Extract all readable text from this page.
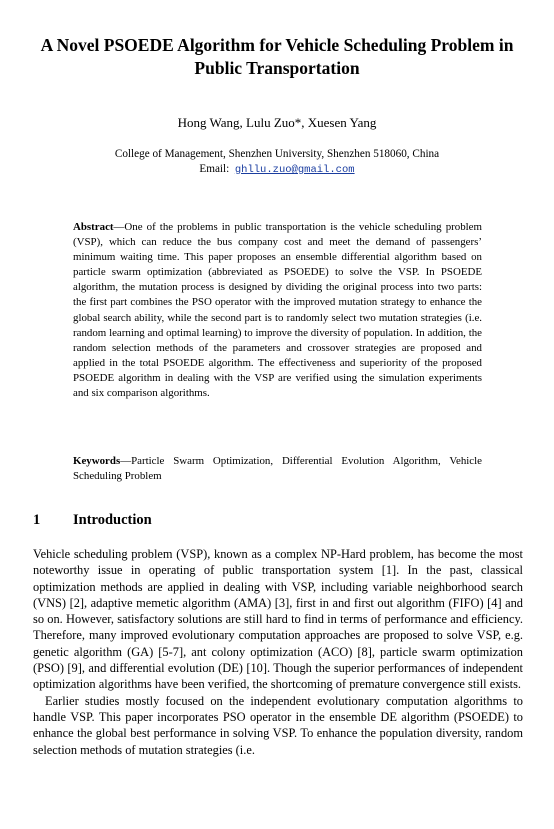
A Novel PSOEDE Algorithm for Vehicle Scheduling Problem in Public Transportation
Hong Wang, Lulu Zuo*, Xuesen Yang
College of Management, Shenzhen University, Shenzhen 518060, China
Email: ghllu.zuo@gmail.com
Abstract—One of the problems in public transportation is the vehicle scheduling problem (VSP), which can reduce the bus company cost and meet the demand of passengers’ minimum waiting time. This paper proposes an ensemble differential algorithm based on particle swarm optimization (abbreviated as PSOEDE) to solve the VSP. In PSOEDE algorithm, the mutation process is designed by dividing the original process into two parts: the first part combines the PSO operator with the improved mutation strategy to enhance the global search ability, while the second part is to randomly select two mutation strategies (i.e. random learning and optimal learning) to improve the diversity of population. In addition, the random selection methods of the parameters and crossover strategies are proposed and applied in the total PSOEDE algorithm. The effectiveness and superiority of the proposed PSOEDE algorithm in dealing with the VSP are verified using the simulation experiments and six comparison algorithms.
Keywords—Particle Swarm Optimization, Differential Evolution Algorithm, Vehicle Scheduling Problem
1 Introduction

Vehicle scheduling problem (VSP), known as a complex NP-Hard problem, has become the most noteworthy issue in operating of public transportation system [1]. In the past, classical optimization methods are applied in dealing with VSP, including variable neighborhood search (VNS) [2], adaptive memetic algorithm (AMA) [3], first in and first out algorithm (FIFO) [4] and so on. However, satisfactory solutions are still hard to find in terms of performance and efficiency. Therefore, many improved evolutionary computation approaches are proposed to solve VSP, e.g. genetic algorithm (GA) [5-7], ant colony optimization (ACO) [8], particle swarm optimization (PSO) [9], and differential evolution (DE) [10]. Though the superior performances of independent optimization algorithms have been verified, the shortcoming of premature convergence still exists.

Earlier studies mostly focused on the independent evolutionary computation algorithms to handle VSP. This paper incorporates PSO operator in the ensemble DE algorithm (PSOEDE) to enhance the global best performance in solving VSP. To enhance the population diversity, random selection methods of mutation strategies (i.e.
